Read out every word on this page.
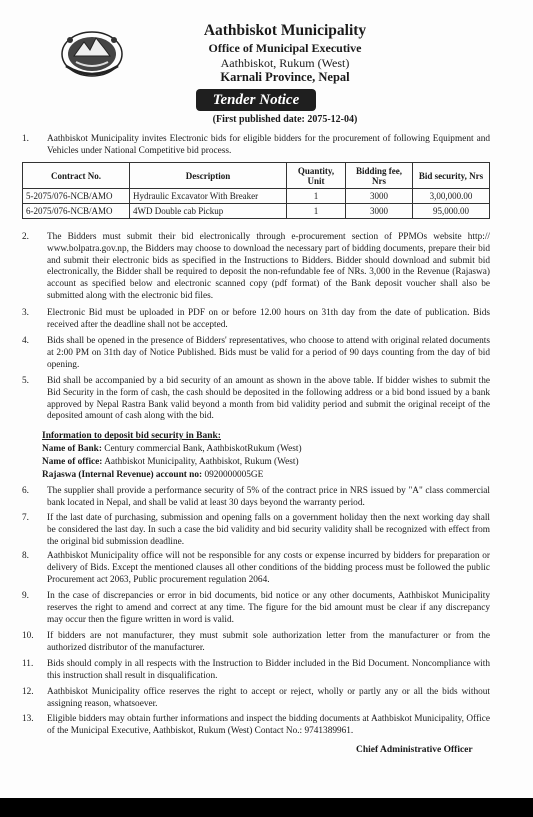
Aathbiskot Municipality
Office of Municipal Executive
Aathbiskot, Rukum (West)
Karnali Province, Nepal
Tender Notice
(First published date: 2075-12-04)
1. Aathbiskot Municipality invites Electronic bids for eligible bidders for the procurement of following Equipment and Vehicles under National Competitive bid process.
Contract No.	Description	Quantity, Unit	Bidding fee, Nrs	Bid security, Nrs
5-2075/076-NCB/AMO	Hydraulic Excavator With Breaker	1	3000	3,00,000.00
6-2075/076-NCB/AMO	4WD Double cab Pickup	1	3000	95,000.00
2. The Bidders must submit their bid electronically through e-procurement section of PPMOs website http:// www.bolpatra.gov.np, the Bidders may choose to download the necessary part of bidding documents, prepare their bid and submit their electronic bids as specified in the Instructions to Bidders. Bidder should download and submit bid electronically, the Bidder shall be required to deposit the non-refundable fee of NRs. 3,000 in the Revenue (Rajaswa) account as specified below and electronic scanned copy (pdf format) of the Bank deposit voucher shall also be submitted along with the electronic bid files.
3. Electronic Bid must be uploaded in PDF on or before 12.00 hours on 31th day from the date of publication. Bids received after the deadline shall not be accepted.
4. Bids shall be opened in the presence of Bidders' representatives, who choose to attend with original related documents at 2:00 PM on 31th day of Notice Published. Bids must be valid for a period of 90 days counting from the day of bid opening.
5. Bid shall be accompanied by a bid security of an amount as shown in the above table. If bidder wishes to submit the Bid Security in the form of cash, the cash should be deposited in the following address or a bid bond issued by a bank approved by Nepal Rastra Bank valid beyond a month from bid validity period and submit the original receipt of the deposited amount of cash along with the bid.
Information to deposit bid security in Bank:
Name of Bank: Century commercial Bank, AathbiskotRukum (West)
Name of office: Aathbiskot Municipality, Aathbiskot, Rukum (West)
Rajaswa (Internal Revenue) account no: 0920000005GE
6. The supplier shall provide a performance security of 5% of the contract price in NRS issued by "A" class commercial bank located in Nepal, and shall be valid at least 30 days beyond the warranty period.
7. If the last date of purchasing, submission and opening falls on a government holiday then the next working day shall be considered the last day. In such a case the bid validity and bid security validity shall be recognized with effect from the original bid submission deadline.
8. Aathbiskot Municipality office will not be responsible for any costs or expense incurred by bidders for preparation or delivery of Bids. Except the mentioned clauses all other conditions of the bidding process must be followed the public Procurement act 2063, Public procurement regulation 2064.
9. In the case of discrepancies or error in bid documents, bid notice or any other documents, Aathbiskot Municipality reserves the right to amend and correct at any time. The figure for the bid amount must be clear if any discrepancy may occur then the figure written in word is valid.
10. If bidders are not manufacturer, they must submit sole authorization letter from the manufacturer or from the authorized distributor of the manufacturer.
11. Bids should comply in all respects with the Instruction to Bidder included in the Bid Document. Noncompliance with this instruction shall result in disqualification.
12. Aathbiskot Municipality office reserves the right to accept or reject, wholly or partly any or all the bids without assigning reason, whatsoever.
13. Eligible bidders may obtain further informations and inspect the bidding documents at Aathbiskot Municipality, Office of the Municipal Executive, Aathbiskot, Rukum (West) Contact No.: 9741389961.
Chief Administrative Officer
